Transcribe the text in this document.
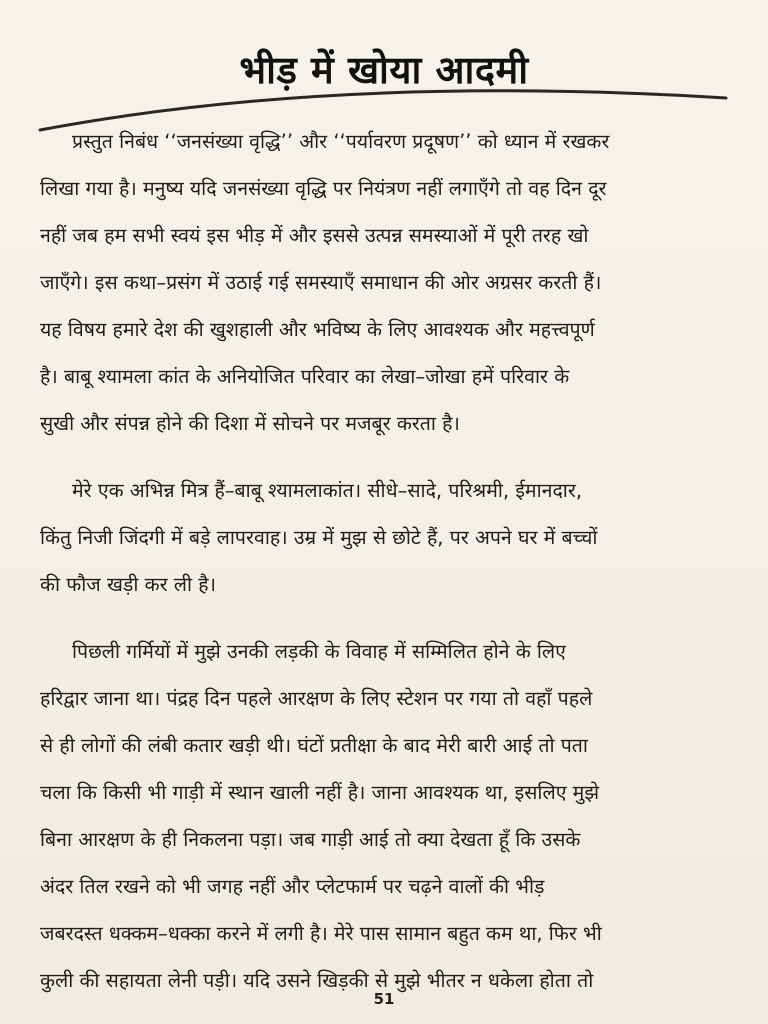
भीड़ में खोया आदमी
प्रस्तुत निबंध ‘‘जनसंख्या वृद्धि’’ और ‘‘पर्यावरण प्रदूषण’’ को ध्यान में रखकर
लिखा गया है। मनुष्य यदि जनसंख्या वृद्धि पर नियंत्रण नहीं लगाएँगे तो वह दिन दूर
नहीं जब हम सभी स्वयं इस भीड़ में और इससे उत्पन्न समस्याओं में पूरी तरह खो
जाएँगे। इस कथा–प्रसंग में उठाई गई समस्याएँ समाधान की ओर अग्रसर करती हैं।
यह विषय हमारे देश की खुशहाली और भविष्य के लिए आवश्यक और महत्त्वपूर्ण
है। बाबू श्यामला कांत के अनियोजित परिवार का लेखा–जोखा हमें परिवार के
सुखी और संपन्न होने की दिशा में सोचने पर मजबूर करता है।
मेरे एक अभिन्न मित्र हैं–बाबू श्यामलाकांत। सीधे–सादे, परिश्रमी, ईमानदार,
किंतु निजी जिंदगी में बड़े लापरवाह। उम्र में मुझ से छोटे हैं, पर अपने घर में बच्चों
की फौज खड़ी कर ली है।
पिछली गर्मियों में मुझे उनकी लड़की के विवाह में सम्मिलित होने के लिए
हरिद्वार जाना था। पंद्रह दिन पहले आरक्षण के लिए स्टेशन पर गया तो वहाँ पहले
से ही लोगों की लंबी कतार खड़ी थी। घंटों प्रतीक्षा के बाद मेरी बारी आई तो पता
चला कि किसी भी गाड़ी में स्थान खाली नहीं है। जाना आवश्यक था, इसलिए मुझे
बिना आरक्षण के ही निकलना पड़ा। जब गाड़ी आई तो क्या देखता हूँ कि उसके
अंदर तिल रखने को भी जगह नहीं और प्लेटफार्म पर चढ़ने वालों की भीड़
जबरदस्त धक्कम–धक्का करने में लगी है। मेरे पास सामान बहुत कम था, फिर भी
कुली की सहायता लेनी पड़ी। यदि उसने खिड़की से मुझे भीतर न धकेला होता तो
51
